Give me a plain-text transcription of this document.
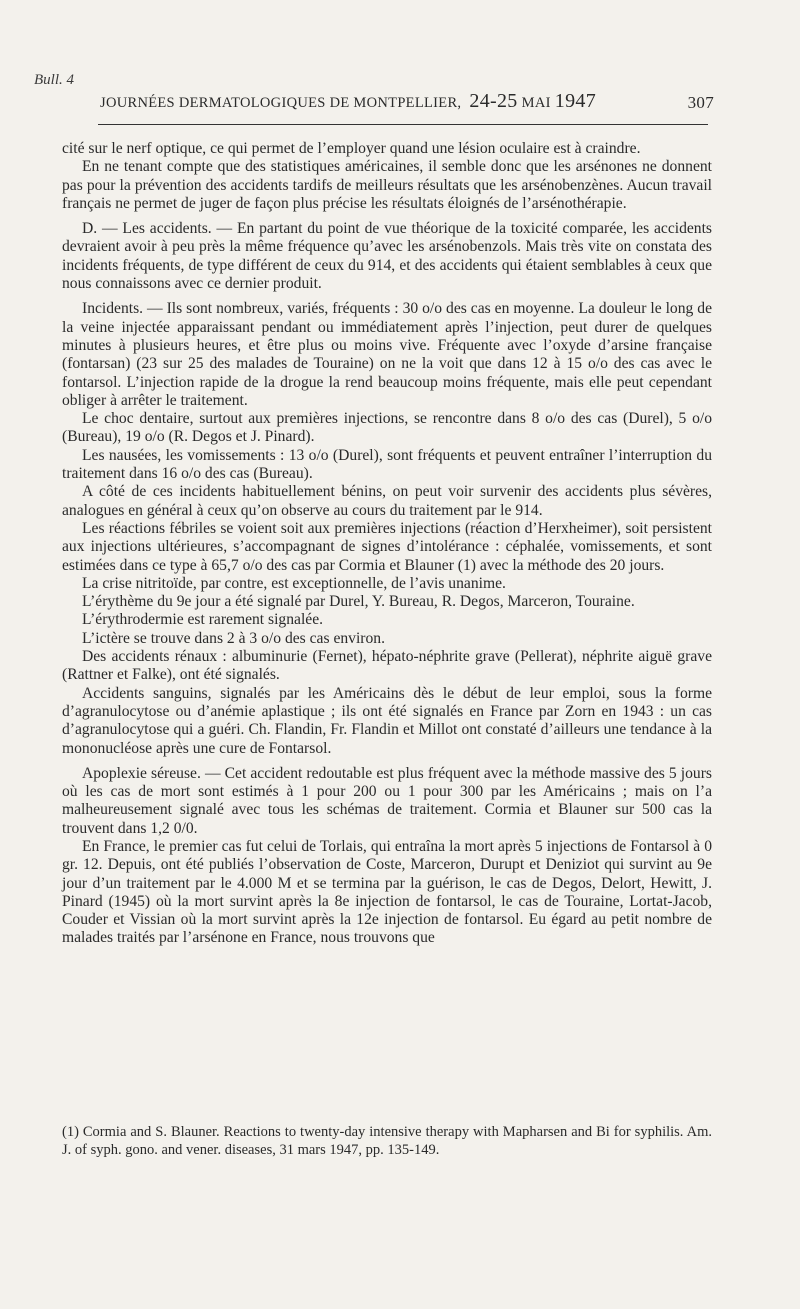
Bull. 4
JOURNÉES DERMATOLOGIQUES DE MONTPELLIER, 24-25 MAI 1947	307

cité sur le nerf optique, ce qui permet de l’employer quand une lésion oculaire est à craindre.

En ne tenant compte que des statistiques américaines, il semble donc que les arsénones ne donnent pas pour la prévention des accidents tardifs de meilleurs résultats que les arsénobenzènes. Aucun travail français ne permet de juger de façon plus précise les résultats éloignés de l’arsénothérapie.

D. — Les accidents. — En partant du point de vue théorique de la toxicité comparée, les accidents devraient avoir à peu près la même fréquence qu’avec les arsénobenzols. Mais très vite on constata des incidents fréquents, de type différent de ceux du 914, et des accidents qui étaient semblables à ceux que nous connaissons avec ce dernier produit.

Incidents. — Ils sont nombreux, variés, fréquents : 30 o/o des cas en moyenne. La douleur le long de la veine injectée apparaissant pendant ou immédiatement après l’injection, peut durer de quelques minutes à plusieurs heures, et être plus ou moins vive. Fréquente avec l’oxyde d’arsine française (fontarsan) (23 sur 25 des malades de Touraine) on ne la voit que dans 12 à 15 o/o des cas avec le fontarsol. L’injection rapide de la drogue la rend beaucoup moins fréquente, mais elle peut cependant obliger à arrêter le traitement.

Le choc dentaire, surtout aux premières injections, se rencontre dans 8 o/o des cas (Durel), 5 o/o (Bureau), 19 o/o (R. Degos et J. Pinard).

Les nausées, les vomissements : 13 o/o (Durel), sont fréquents et peuvent entraîner l’interruption du traitement dans 16 o/o des cas (Bureau).

A côté de ces incidents habituellement bénins, on peut voir survenir des accidents plus sévères, analogues en général à ceux qu’on observe au cours du traitement par le 914.

Les réactions fébriles se voient soit aux premières injections (réaction d’Herxheimer), soit persistent aux injections ultérieures, s’accompagnant de signes d’intolérance : céphalée, vomissements, et sont estimées dans ce type à 65,7 o/o des cas par Cormia et Blauner (1) avec la méthode des 20 jours.

La crise nitritoïde, par contre, est exceptionnelle, de l’avis unanime.

L’érythème du 9e jour a été signalé par Durel, Y. Bureau, R. Degos, Marceron, Touraine.

L’érythrodermie est rarement signalée.

L’ictère se trouve dans 2 à 3 o/o des cas environ.

Des accidents rénaux : albuminurie (Fernet), hépato-néphrite grave (Pellerat), néphrite aiguë grave (Rattner et Falke), ont été signalés.

Accidents sanguins, signalés par les Américains dès le début de leur emploi, sous la forme d’agranulocytose ou d’anémie aplastique ; ils ont été signalés en France par Zorn en 1943 : un cas d’agranulocytose qui a guéri. Ch. Flandin, Fr. Flandin et Millot ont constaté d’ailleurs une tendance à la mononucléose après une cure de Fontarsol.

Apoplexie séreuse. — Cet accident redoutable est plus fréquent avec la méthode massive des 5 jours où les cas de mort sont estimés à 1 pour 200 ou 1 pour 300 par les Américains ; mais on l’a malheureusement signalé avec tous les schémas de traitement. Cormia et Blauner sur 500 cas la trouvent dans 1,2 0/0.

En France, le premier cas fut celui de Torlais, qui entraîna la mort après 5 injections de Fontarsol à 0 gr. 12. Depuis, ont été publiés l’observation de Coste, Marceron, Durupt et Deniziot qui survint au 9e jour d’un traitement par le 4.000 M et se termina par la guérison, le cas de Degos, Delort, Hewitt, J. Pinard (1945) où la mort survint après la 8e injection de fontarsol, le cas de Touraine, Lortat-Jacob, Couder et Vissian où la mort survint après la 12e injection de fontarsol. Eu égard au petit nombre de malades traités par l’arsénone en France, nous trouvons que

(1) Cormia and S. Blauner. Reactions to twenty-day intensive therapy with Mapharsen and Bi for syphilis. Am. J. of syph. gono. and vener. diseases, 31 mars 1947, pp. 135-149.
